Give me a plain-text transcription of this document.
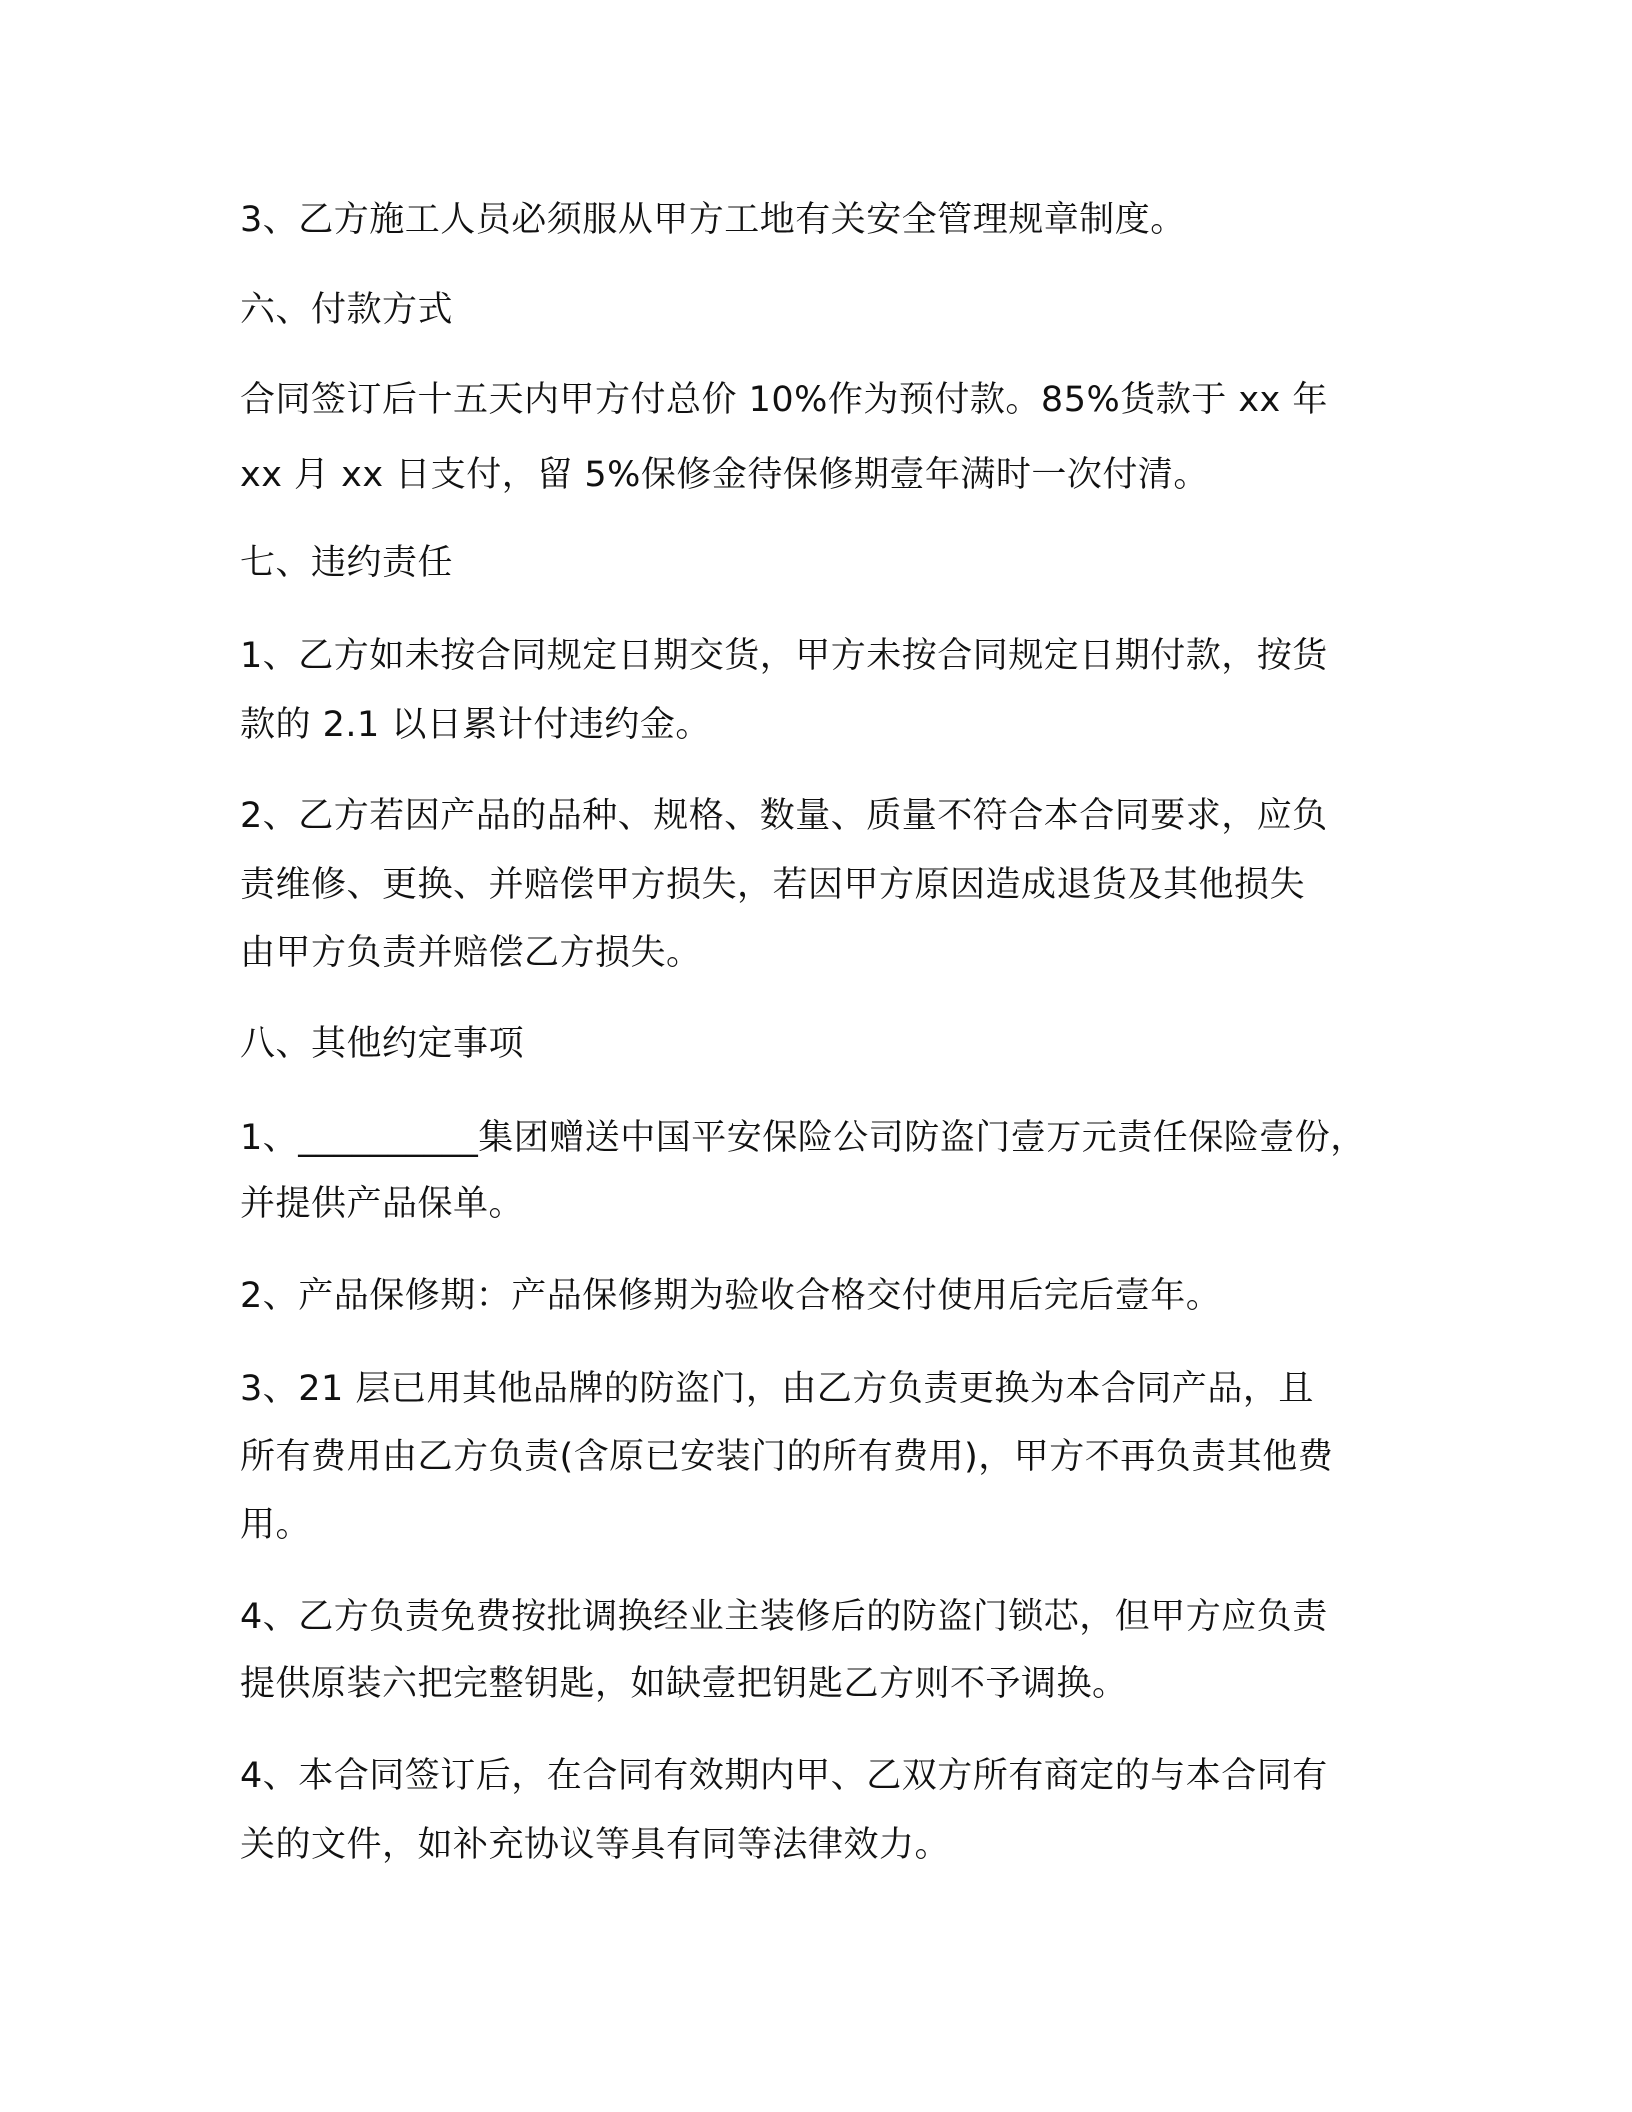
3、乙方施工人员必须服从甲方工地有关安全管理规章制度。
六、付款方式
合同签订后十五天内甲方付总价 10%作为预付款。85%货款于 xx 年
xx 月 xx 日支付，留 5%保修金待保修期壹年满时一次付清。
七、违约责任
1、乙方如未按合同规定日期交货，甲方未按合同规定日期付款，按货
款的 2.1 以日累计付违约金。
2、乙方若因产品的品种、规格、数量、质量不符合本合同要求，应负
责维修、更换、并赔偿甲方损失，若因甲方原因造成退货及其他损失
由甲方负责并赔偿乙方损失。
八、其他约定事项
1、__________集团赠送中国平安保险公司防盗门壹万元责任保险壹份，
并提供产品保单。
2、产品保修期：产品保修期为验收合格交付使用后完后壹年。
3、21 层已用其他品牌的防盗门，由乙方负责更换为本合同产品，且
所有费用由乙方负责(含原已安装门的所有费用)，甲方不再负责其他费
用。
4、乙方负责免费按批调换经业主装修后的防盗门锁芯，但甲方应负责
提供原装六把完整钥匙，如缺壹把钥匙乙方则不予调换。
4、本合同签订后，在合同有效期内甲、乙双方所有商定的与本合同有
关的文件，如补充协议等具有同等法律效力。
